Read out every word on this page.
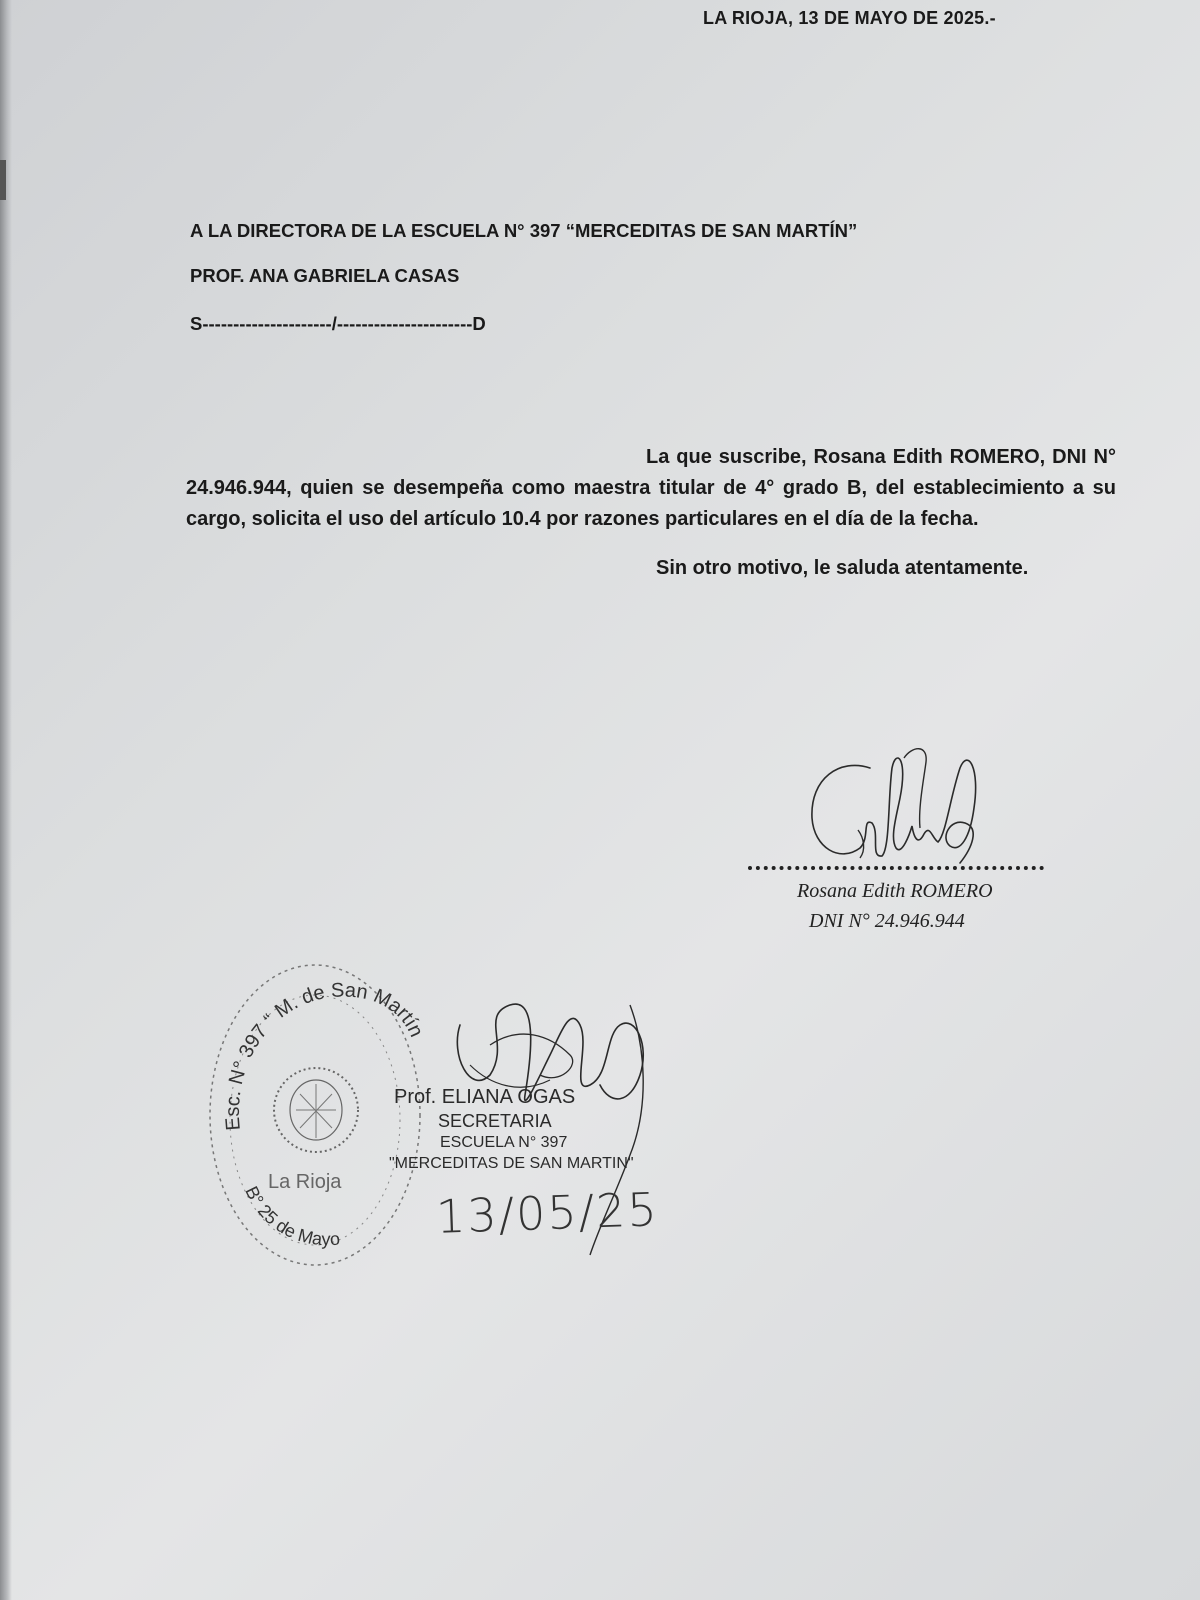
LA RIOJA, 13 DE MAYO DE 2025.-
A LA DIRECTORA DE LA ESCUELA N° 397 “MERCEDITAS DE SAN MARTÍN”
PROF. ANA GABRIELA CASAS
S---------------------/----------------------D
La que suscribe, Rosana Edith ROMERO, DNI N° 24.946.944, quien se desempeña como maestra titular de 4° grado B, del establecimiento a su cargo, solicita el uso del artículo 10.4 por razones particulares en el día de la fecha.
Sin otro motivo, le saluda atentamente.
Rosana Edith ROMERO
DNI N° 24.946.944
Esc. N° 397 “ M. de San Martín
La Rioja
B° 25 de Mayo
Prof. ELIANA OGAS
SECRETARIA
ESCUELA N° 397
"MERCEDITAS DE SAN MARTIN"
13/05/25
